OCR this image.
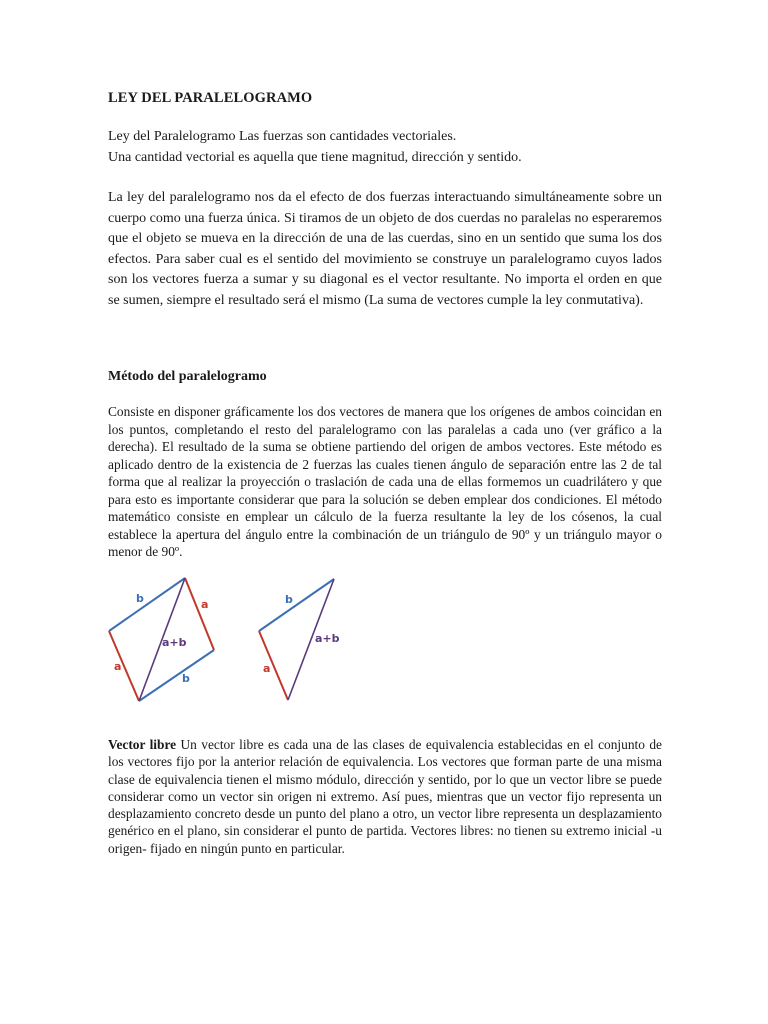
LEY DEL PARALELOGRAMO
Ley del Paralelogramo Las fuerzas son cantidades vectoriales.
Una cantidad vectorial es aquella que tiene magnitud, dirección y sentido.
La ley del paralelogramo nos da el efecto de dos fuerzas interactuando simultáneamente sobre un cuerpo como una fuerza única. Si tiramos de un objeto de dos cuerdas no paralelas no esperaremos que el objeto se mueva en la dirección de una de las cuerdas, sino en un sentido que suma los dos efectos. Para saber cual es el sentido del movimiento se construye un paralelogramo cuyos lados son los vectores fuerza a sumar y su diagonal es el vector resultante. No importa el orden en que se sumen, siempre el resultado será el mismo (La suma de vectores cumple la ley conmutativa).
Método del paralelogramo
Consiste en disponer gráficamente los dos vectores de manera que los orígenes de ambos coincidan en los puntos, completando el resto del paralelogramo con las paralelas a cada uno (ver gráfico a la derecha). El resultado de la suma se obtiene partiendo del origen de ambos vectores. Este método es aplicado dentro de la existencia de 2 fuerzas las cuales tienen ángulo de separación entre las 2 de tal forma que al realizar la proyección o traslación de cada una de ellas formemos un cuadrilátero y que para esto es importante considerar que para la solución se deben emplear dos condiciones. El método matemático consiste en emplear un cálculo de la fuerza resultante la ley de los cósenos, la cual establece la apertura del ángulo entre la combinación de un triángulo de 90º y un triángulo mayor o menor de 90º.
b	a
a+b
a
b
b
a+b
a
Vector libre Un vector libre es cada una de las clases de equivalencia establecidas en el conjunto de los vectores fijo por la anterior relación de equivalencia. Los vectores que forman parte de una misma clase de equivalencia tienen el mismo módulo, dirección y sentido, por lo que un vector libre se puede considerar como un vector sin origen ni extremo. Así pues, mientras que un vector fijo representa un desplazamiento concreto desde un punto del plano a otro, un vector libre representa un desplazamiento genérico en el plano, sin considerar el punto de partida. Vectores libres: no tienen su extremo inicial -u origen- fijado en ningún punto en particular.
